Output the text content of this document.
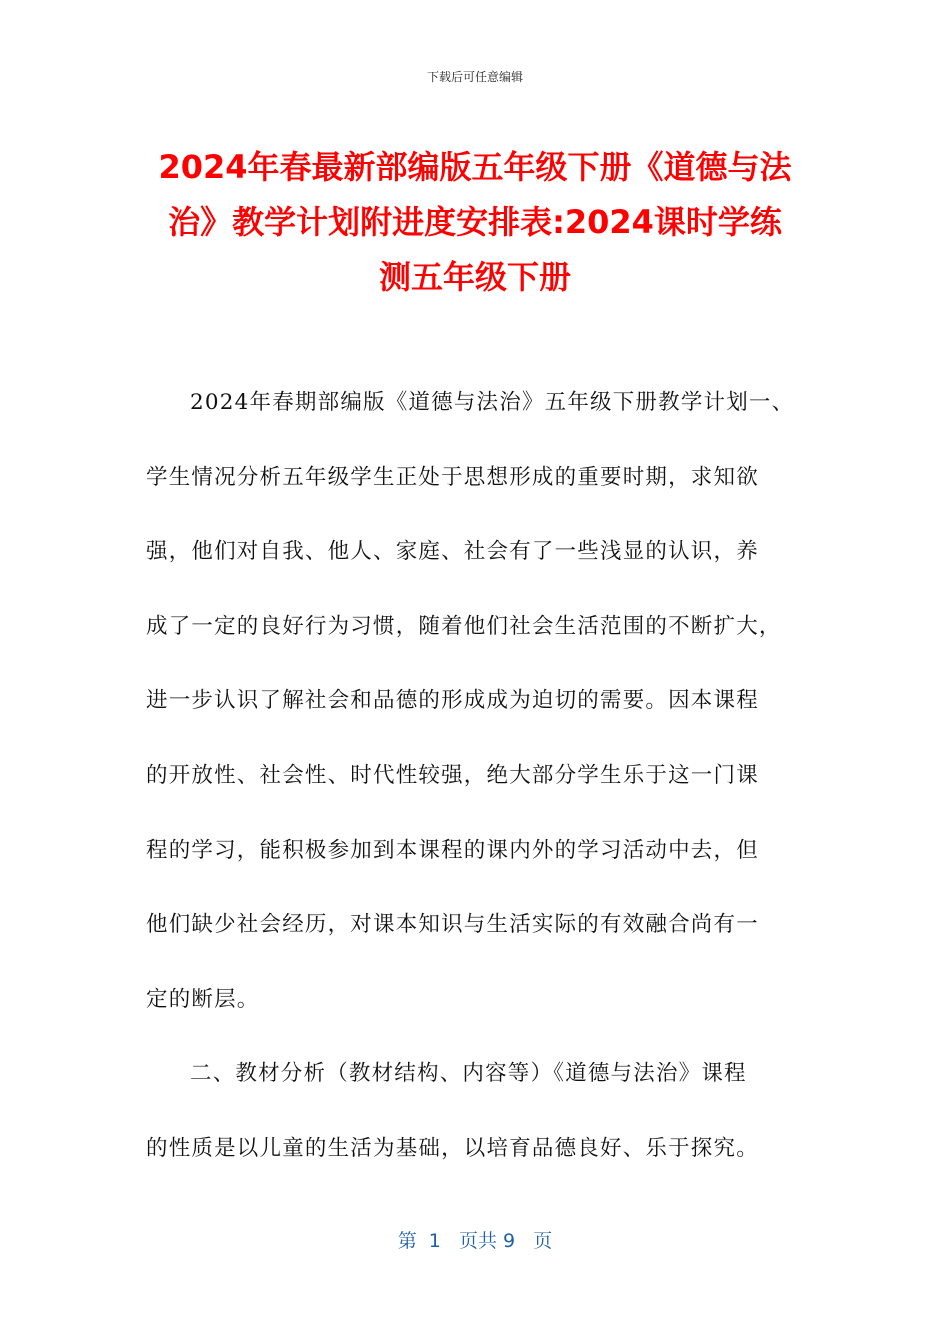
下载后可任意编辑
2024年春最新部编版五年级下册《道德与法
治》教学计划附进度安排表:2024课时学练
测五年级下册
2024年春期部编版《道德与法治》五年级下册教学计划一、
学生情况分析五年级学生正处于思想形成的重要时期，求知欲
强，他们对自我、他人、家庭、社会有了一些浅显的认识，养
成了一定的良好行为习惯，随着他们社会生活范围的不断扩大，
进一步认识了解社会和品德的形成成为迫切的需要。因本课程
的开放性、社会性、时代性较强，绝大部分学生乐于这一门课
程的学习，能积极参加到本课程的课内外的学习活动中去，但
他们缺少社会经历，对课本知识与生活实际的有效融合尚有一
定的断层。
二、教材分析（教材结构、内容等）《道德与法治》课程
的性质是以儿童的生活为基础，以培育品德良好、乐于探究。
第  1   页共 9   页
